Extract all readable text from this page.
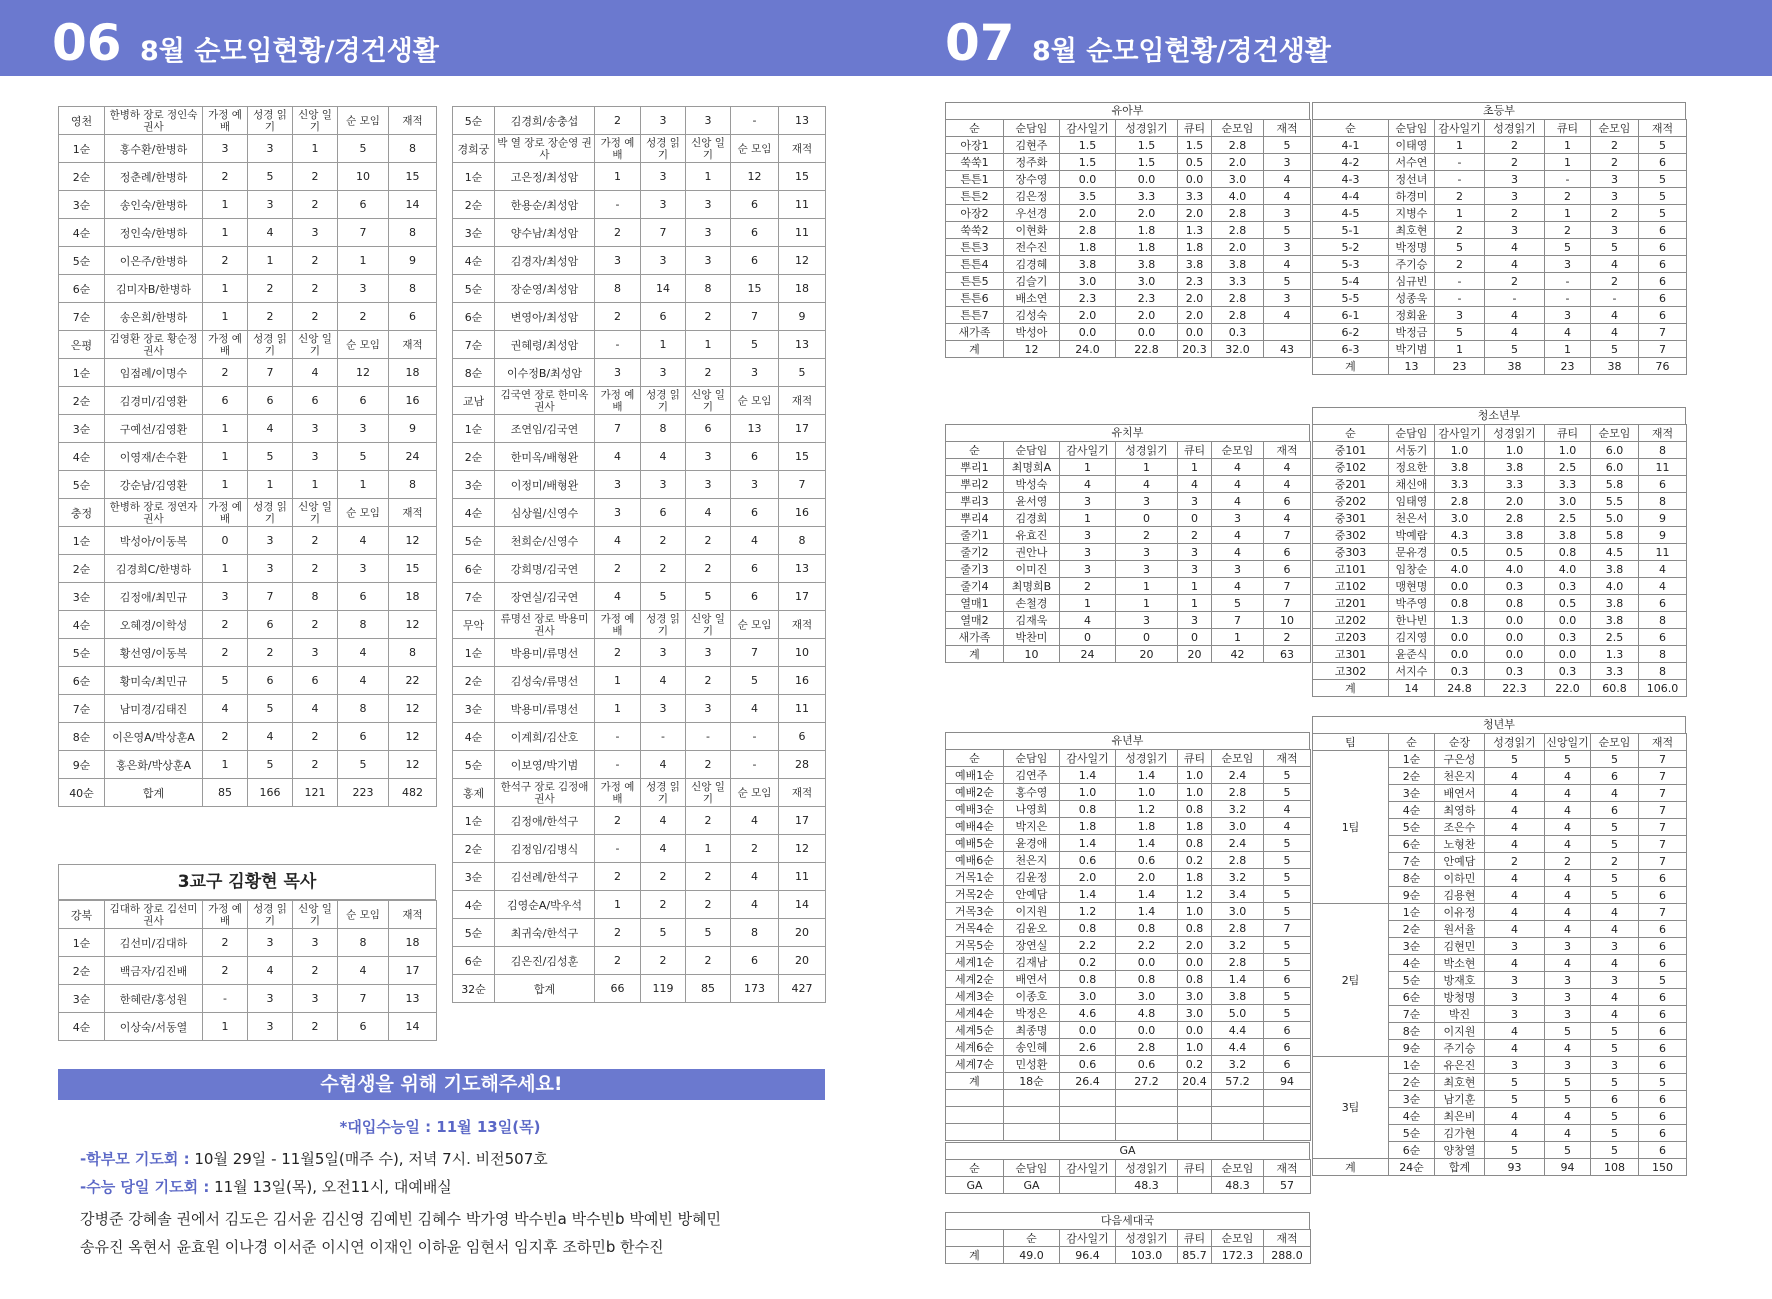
06 8월 순모임현황/경건생활	07 8월 순모임현황/경건생활
영천	한병하 장로 정인숙 권사	가정 예배	성경 읽기	신앙 일기	순 모임	재적
1순	홍수환/한병하	3	3	1	5	8
2순	정춘례/한병하	2	5	2	10	15
3순	송인숙/한병하	1	3	2	6	14
4순	정인숙/한병하	1	4	3	7	8
5순	이은주/한병하	2	1	2	1	9
6순	김미자B/한병하	1	2	2	3	8
7순	송은희/한병하	1	2	2	2	6
은평	김영환 장로 황순정 권사	가정 예배	성경 읽기	신앙 일기	순 모임	재적
1순	임점례/이명수	2	7	4	12	18
2순	김경미/김영환	6	6	6	6	16
3순	구예선/김영환	1	4	3	3	9
4순	이영재/손수환	1	5	3	5	24
5순	강순남/김영환	1	1	1	1	8
충정	한병하 장로 정연자 권사	가정 예배	성경 읽기	신앙 일기	순 모임	재적
1순	박성아/이동복	0	3	2	4	12
2순	김경희C/한병하	1	3	2	3	15
3순	김정애/최민규	3	7	8	6	18
4순	오혜경/이학성	2	6	2	8	12
5순	황선영/이동복	2	2	3	4	8
6순	황미숙/최민규	5	6	6	4	22
7순	남미경/김태진	4	5	4	8	12
8순	이은영A/박상훈A	2	4	2	6	12
9순	홍은화/박상훈A	1	5	2	5	12
40순	합계	85	166	121	223	482
3교구 김황현 목사
강북	김대하 장로 김선미 권사	가정 예배	성경 읽기	신앙 일기	순 모임	재적
1순	김선미/김대하	2	3	3	8	18
2순	백금자/김진배	2	4	2	4	17
3순	한혜란/홍성원	-	3	3	7	13
4순	이상숙/서동열	1	3	2	6	14
5순	김경희/송충섭	2	3	3	-	13
경희궁	박 열 장로 장순영 권사	가정 예배	성경 읽기	신앙 일기	순 모임	재적
1순	고은정/최성암	1	3	1	12	15
2순	한용순/최성암	-	3	3	6	11
3순	양수남/최성암	2	7	3	6	11
4순	김경자/최성암	3	3	3	6	12
5순	장순영/최성암	8	14	8	15	18
6순	변영아/최성암	2	6	2	7	9
7순	권혜령/최성암	-	1	1	5	13
8순	이수정B/최성암	3	3	2	3	5
교남	김국연 장로 한미옥 권사	가정 예배	성경 읽기	신앙 일기	순 모임	재적
1순	조연임/김국연	7	8	6	13	17
2순	한미옥/배형완	4	4	3	6	15
3순	이정미/배형완	3	3	3	3	7
4순	심상월/신영수	3	6	4	6	16
5순	천희순/신영수	4	2	2	4	8
6순	강희명/김국연	2	2	2	6	13
7순	장연실/김국연	4	5	5	6	17
무악	류명선 장로 박용미 권사	가정 예배	성경 읽기	신앙 일기	순 모임	재적
1순	박용미/류명선	2	3	3	7	10
2순	김성숙/류명선	1	4	2	5	16
3순	박용미/류명선	1	3	3	4	11
4순	이계희/김산호	-	-	-	-	6
5순	이보영/박기범	-	4	2	-	28
홍제	한석구 장로 김정애 권사	가정 예배	성경 읽기	신앙 일기	순 모임	재적
1순	김정애/한석구	2	4	2	4	17
2순	김정임/김병식	-	4	1	2	12
3순	김선례/한석구	2	2	2	4	11
4순	김영순A/박우석	1	2	2	4	14
5순	최귀숙/한석구	2	5	5	8	20
6순	김은진/김성훈	2	2	2	6	20
32순	합계	66	119	85	173	427
수험생을 위해 기도해주세요!
*대입수능일 : 11월 13일(목)
-학부모 기도회 : 10월 29일 - 11월5일(매주 수), 저녁 7시. 비전507호
-수능 당일 기도회 : 11월 13일(목), 오전11시, 대예배실
강병준 강혜솔 권에서 김도은 김서윤 김신영 김예빈 김혜수 박가영 박수빈a 박수빈b 박예빈 방혜민
송유진 옥현서 윤효원 이나경 이서준 이시연 이재인 이하윤 임현서 임지후 조하민b 한수진
유아부
순	순담임	감사일기	성경읽기	큐티	순모임	재적
아장1	김현주	1.5	1.5	1.5	2.8	5
쑥쑥1	정주화	1.5	1.5	0.5	2.0	3
튼튼1	장수영	0.0	0.0	0.0	3.0	4
튼튼2	김은정	3.5	3.3	3.3	4.0	4
아장2	우선경	2.0	2.0	2.0	2.8	3
쑥쑥2	이현화	2.8	1.8	1.3	2.8	5
튼튼3	전수진	1.8	1.8	1.8	2.0	3
튼튼4	김경혜	3.8	3.8	3.8	3.8	4
튼튼5	김슬기	3.0	3.0	2.3	3.3	5
튼튼6	배소연	2.3	2.3	2.0	2.8	3
튼튼7	김성숙	2.0	2.0	2.0	2.8	4
새가족	박성아	0.0	0.0	0.0	0.3	
계	12	24.0	22.8	20.3	32.0	43
초등부
순	순담임	감사일기	성경읽기	큐티	순모임	재적
4-1	이태영	1	2	1	2	5
4-2	서수연	-	2	1	2	6
4-3	정선녀	-	3	-	3	5
4-4	하경미	2	3	2	3	5
4-5	지병수	1	2	1	2	5
5-1	최호현	2	3	2	3	6
5-2	박정명	5	4	5	5	6
5-3	주기승	2	4	3	4	6
5-4	심규빈	-	2	-	2	6
5-5	성종욱	-	-	-	-	6
6-1	정회윤	3	4	3	4	6
6-2	박정금	5	4	4	4	7
6-3	박기범	1	5	1	5	7
계	13	23	38	23	38	76
유치부
순	순담임	감사일기	성경읽기	큐티	순모임	재적
뿌리1	최명희A	1	1	1	4	4
뿌리2	박성숙	4	4	4	4	4
뿌리3	윤서영	3	3	3	4	6
뿌리4	김경희	1	0	0	3	4
줄기1	유효진	3	2	2	4	7
줄기2	권안나	3	3	3	4	6
줄기3	이미진	3	3	3	3	6
줄기4	최명희B	2	1	1	4	7
열매1	손철경	1	1	1	5	7
열매2	김재욱	4	3	3	7	10
새가족	박찬미	0	0	0	1	2
계	10	24	20	20	42	63
청소년부
순	순담임	감사일기	성경읽기	큐티	순모임	재적
중101	서동기	1.0	1.0	1.0	6.0	8
중102	정요한	3.8	3.8	2.5	6.0	11
중201	채신애	3.3	3.3	3.3	5.8	6
중202	임태영	2.8	2.0	3.0	5.5	8
중301	천은서	3.0	2.8	2.5	5.0	9
중302	박예람	4.3	3.8	3.8	5.8	9
중303	문유경	0.5	0.5	0.8	4.5	11
고101	임창순	4.0	4.0	4.0	3.8	4
고102	맹현명	0.0	0.3	0.3	4.0	4
고201	박주영	0.8	0.8	0.5	3.8	6
고202	한나빈	1.3	0.0	0.0	3.8	8
고203	김지영	0.0	0.0	0.3	2.5	6
고301	윤준식	0.0	0.0	0.0	1.3	8
고302	서지수	0.3	0.3	0.3	3.3	8
계	14	24.8	22.3	22.0	60.8	106.0
유년부
순	순담임	감사일기	성경읽기	큐티	순모임	재적
예배1순	김연주	1.4	1.4	1.0	2.4	5
예배2순	홍수영	1.0	1.0	1.0	2.8	5
예배3순	나영희	0.8	1.2	0.8	3.2	4
예배4순	박지은	1.8	1.8	1.8	3.0	4
예배5순	윤경애	1.4	1.4	0.8	2.4	5
예배6순	천은지	0.6	0.6	0.2	2.8	5
거목1순	김윤정	2.0	2.0	1.8	3.2	5
거목2순	안예담	1.4	1.4	1.2	3.4	5
거목3순	이지원	1.2	1.4	1.0	3.0	5
거목4순	김윤오	0.8	0.8	0.8	2.8	7
거목5순	장연실	2.2	2.2	2.0	3.2	5
세계1순	김재남	0.2	0.0	0.0	2.8	5
세계2순	배연서	0.8	0.8	0.8	1.4	6
세계3순	이종호	3.0	3.0	3.0	3.8	5
세계4순	박정은	4.6	4.8	3.0	5.0	5
세계5순	최종명	0.0	0.0	0.0	4.4	6
세계6순	송인혜	2.6	2.8	1.0	4.4	6
세계7순	민성환	0.6	0.6	0.2	3.2	6
계	18순	26.4	27.2	20.4	57.2	94

GA
순	순담임	감사일기	성경읽기	큐티	순모임	재적
GA	GA		48.3		48.3	57
다음세대국
	순	감사일기	성경읽기	큐티	순모임	재적
계	49.0	96.4	103.0	85.7	172.3	288.0
청년부
팀	순	순장	성경읽기	신앙일기	순모임	재적
1팀	1순	구은성	5	5	5	7
	2순	천은지	4	4	6	7
	3순	배연서	4	4	4	7
	4순	최영하	4	4	6	7
	5순	조은수	4	4	5	7
	6순	노형찬	4	4	5	7
	7순	안예담	2	2	2	7
	8순	이하민	4	4	5	6
	9순	김용현	4	4	5	6
2팀	1순	이유정	4	4	4	7
	2순	원서율	4	4	4	6
	3순	김현민	3	3	3	6
	4순	박소현	4	4	4	6
	5순	방재호	3	3	3	5
	6순	방청명	3	3	4	6
	7순	박진	3	3	4	6
	8순	이지원	4	5	5	6
	9순	주기승	4	4	5	6
3팀	1순	유은진	3	3	3	6
	2순	최호현	5	5	5	5
	3순	남기훈	5	5	6	6
	4순	최은비	4	4	5	6
	5순	김가현	4	4	5	6
	6순	양창열	5	5	5	6
계	24순	합계	93	94	108	150
